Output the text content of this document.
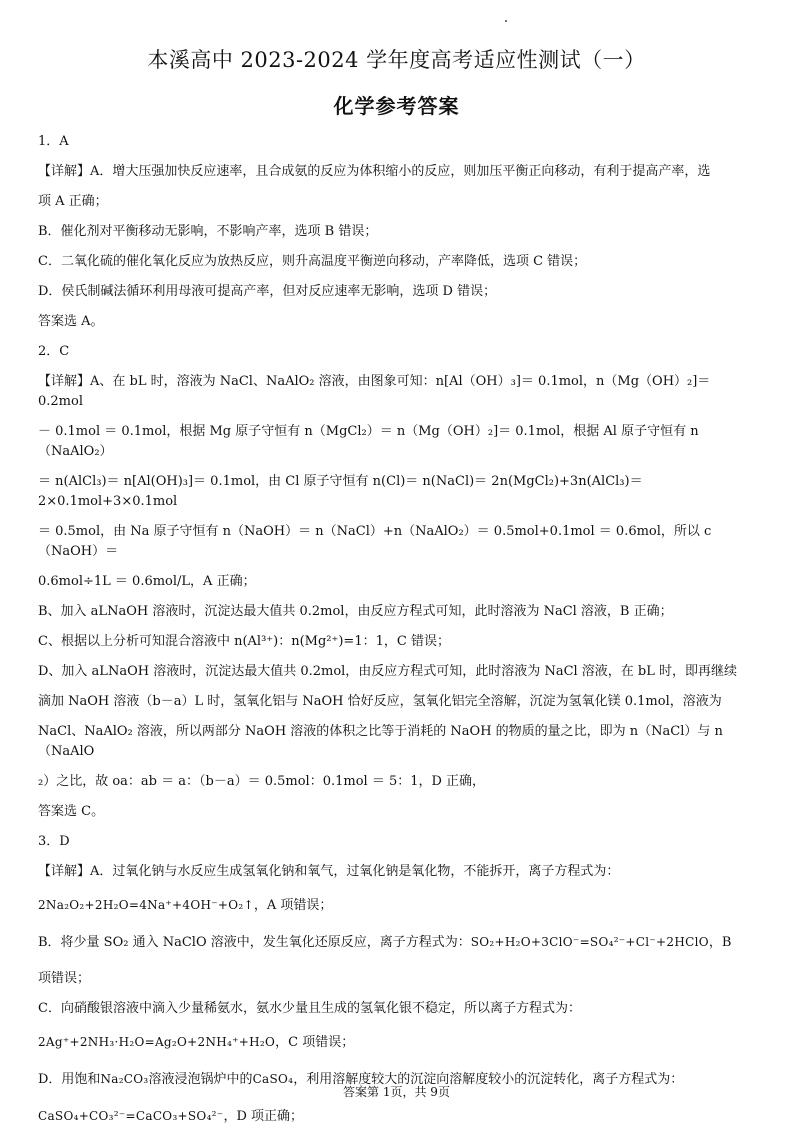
本溪高中 2023-2024 学年度高考适应性测试（一）
化学参考答案

1．A

【详解】A．增大压强加快反应速率，且合成氨的反应为体积缩小的反应，则加压平衡正向移动，有利于提高产率，选

项 A 正确；

B．催化剂对平衡移动无影响，不影响产率，选项 B 错误；

C．二氧化硫的催化氧化反应为放热反应，则升高温度平衡逆向移动，产率降低，选项 C 错误；

D．侯氏制碱法循环利用母液可提高产率，但对反应速率无影响，选项 D 错误；

答案选 A。

2．C

【详解】A、在 bL 时，溶液为 NaCl、NaAlO₂ 溶液，由图象可知：n[Al（OH）₃]＝ 0.1mol，n（Mg（OH）₂]＝ 0.2mol

－ 0.1mol ＝ 0.1mol，根据 Mg 原子守恒有 n（MgCl₂）＝ n（Mg（OH）₂]＝ 0.1mol，根据 Al 原子守恒有 n（NaAlO₂）

＝ n(AlCl₃)＝ n[Al(OH)₃]＝ 0.1mol，由 Cl 原子守恒有 n(Cl)＝ n(NaCl)＝ 2n(MgCl₂)+3n(AlCl₃)＝ 2×0.1mol+3×0.1mol

＝ 0.5mol，由 Na 原子守恒有 n（NaOH）＝ n（NaCl）+n（NaAlO₂）＝ 0.5mol+0.1mol ＝ 0.6mol，所以 c（NaOH）＝

0.6mol÷1L ＝ 0.6mol/L，A 正确；

B、加入 aLNaOH 溶液时，沉淀达最大值共 0.2mol，由反应方程式可知，此时溶液为 NaCl 溶液，B 正确；

C、根据以上分析可知混合溶液中 n(Al³⁺)：n(Mg²⁺)=1：1，C 错误；

D、加入 aLNaOH 溶液时，沉淀达最大值共 0.2mol，由反应方程式可知，此时溶液为 NaCl 溶液，在 bL 时，即再继续

滴加 NaOH 溶液（b－a）L 时，氢氧化铝与 NaOH 恰好反应，氢氧化铝完全溶解，沉淀为氢氧化镁 0.1mol，溶液为

NaCl、NaAlO₂ 溶液，所以两部分 NaOH 溶液的体积之比等于消耗的 NaOH 的物质的量之比，即为 n（NaCl）与 n（NaAlO

₂）之比，故 oa：ab ＝ a：（b－a）＝ 0.5mol：0.1mol ＝ 5：1，D 正确，

答案选 C。

3．D

【详解】A．过氧化钠与水反应生成氢氧化钠和氧气，过氧化钠是氧化物，不能拆开，离子方程式为：

2Na₂O₂+2H₂O=4Na⁺+4OH⁻+O₂↑，A 项错误；

B．将少量 SO₂ 通入 NaClO 溶液中，发生氧化还原反应，离子方程式为：SO₂+H₂O+3ClO⁻=SO₄²⁻+Cl⁻+2HClO，B

项错误；

C．向硝酸银溶液中滴入少量稀氨水，氨水少量且生成的氢氧化银不稳定，所以离子方程式为：

2Ag⁺+2NH₃·H₂O=Ag₂O+2NH₄⁺+H₂O，C 项错误；

D．用饱和Na₂CO₃溶液浸泡锅炉中的CaSO₄，利用溶解度较大的沉淀向溶解度较小的沉淀转化，离子方程式为：

CaSO₄+CO₃²⁻=CaCO₃+SO₄²⁻，D 项正确；

答案第 1页，共 9页
